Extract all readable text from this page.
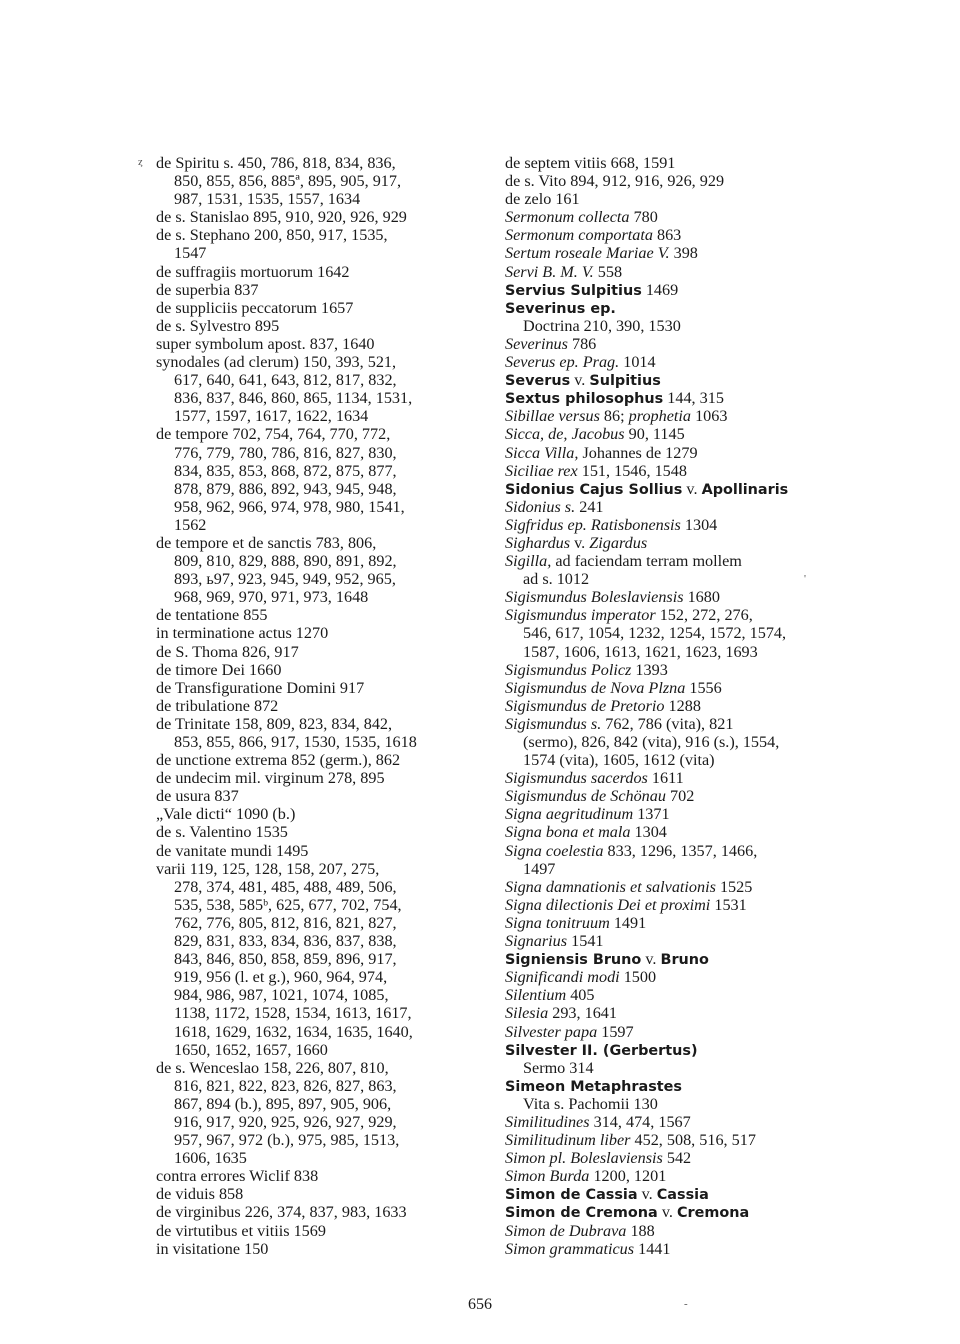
ȥ
'
-
de Spiritu s. 450, 786, 818, 834, 836,
850, 855, 856, 885ª, 895, 905, 917,
987, 1531, 1535, 1557, 1634
de s. Stanislao 895, 910, 920, 926, 929
de s. Stephano 200, 850, 917, 1535,
1547
de suffragiis mortuorum 1642
de superbia 837
de suppliciis peccatorum 1657
de s. Sylvestro 895
super symbolum apost. 837, 1640
synodales (ad clerum) 150, 393, 521,
617, 640, 641, 643, 812, 817, 832,
836, 837, 846, 860, 865, 1134, 1531,
1577, 1597, 1617, 1622, 1634
de tempore 702, 754, 764, 770, 772,
776, 779, 780, 786, 816, 827, 830,
834, 835, 853, 868, 872, 875, 877,
878, 879, 886, 892, 943, 945, 948,
958, 962, 966, 974, 978, 980, 1541,
1562
de tempore et de sanctis 783, 806,
809, 810, 829, 888, 890, 891, 892,
893, ь97, 923, 945, 949, 952, 965,
968, 969, 970, 971, 973, 1648
de tentatione 855
in terminatione actus 1270
de S. Thoma 826, 917
de timore Dei 1660
de Transfiguratione Domini 917
de tribulatione 872
de Trinitate 158, 809, 823, 834, 842,
853, 855, 866, 917, 1530, 1535, 1618
de unctione extrema 852 (germ.), 862
de undecim mil. virginum 278, 895
de usura 837
„Vale dicti“ 1090 (b.)
de s. Valentino 1535
de vanitate mundi 1495
varii 119, 125, 128, 158, 207, 275,
278, 374, 481, 485, 488, 489, 506,
535, 538, 585ᵇ, 625, 677, 702, 754,
762, 776, 805, 812, 816, 821, 827,
829, 831, 833, 834, 836, 837, 838,
843, 846, 850, 858, 859, 896, 917,
919, 956 (l. et g.), 960, 964, 974,
984, 986, 987, 1021, 1074, 1085,
1138, 1172, 1528, 1534, 1613, 1617,
1618, 1629, 1632, 1634, 1635, 1640,
1650, 1652, 1657, 1660
de s. Wenceslao 158, 226, 807, 810,
816, 821, 822, 823, 826, 827, 863,
867, 894 (b.), 895, 897, 905, 906,
916, 917, 920, 925, 926, 927, 929,
957, 967, 972 (b.), 975, 985, 1513,
1606, 1635
contra errores Wiclif 838
de viduis 858
de virginibus 226, 374, 837, 983, 1633
de virtutibus et vitiis 1569
in visitatione 150
de septem vitiis 668, 1591
de s. Vito 894, 912, 916, 926, 929
de zelo 161
Sermonum collecta 780
Sermonum comportata 863
Sertum roseale Mariae V. 398
Servi B. M. V. 558
Servius Sulpitius 1469
Severinus ep.
Doctrina 210, 390, 1530
Severinus 786
Severus ep. Prag. 1014
Severus v. Sulpitius
Sextus philosophus 144, 315
Sibillae versus 86; prophetia 1063
Sicca, de, Jacobus 90, 1145
Sicca Villa, Johannes de 1279
Siciliae rex 151, 1546, 1548
Sidonius Cajus Sollius v. Apollinaris
Sidonius s. 241
Sigfridus ep. Ratisbonensis 1304
Sighardus v. Zigardus
Sigilla, ad faciendam terram mollem
ad s. 1012
Sigismundus Boleslaviensis 1680
Sigismundus imperator 152, 272, 276,
546, 617, 1054, 1232, 1254, 1572, 1574,
1587, 1606, 1613, 1621, 1623, 1693
Sigismundus Policz 1393
Sigismundus de Nova Plzna 1556
Sigismundus de Pretorio 1288
Sigismundus s. 762, 786 (vita), 821
(sermo), 826, 842 (vita), 916 (s.), 1554,
1574 (vita), 1605, 1612 (vita)
Sigismundus sacerdos 1611
Sigismundus de Schönau 702
Signa aegritudinum 1371
Signa bona et mala 1304
Signa coelestia 833, 1296, 1357, 1466,
1497
Signa damnationis et salvationis 1525
Signa dilectionis Dei et proximi 1531
Signa tonitruum 1491
Signarius 1541
Signiensis Bruno v. Bruno
Significandi modi 1500
Silentium 405
Silesia 293, 1641
Silvester papa 1597
Silvester II. (Gerbertus)
Sermo 314
Simeon Metaphrastes
Vita s. Pachomii 130
Similitudines 314, 474, 1567
Similitudinum liber 452, 508, 516, 517
Simon pl. Boleslaviensis 542
Simon Burda 1200, 1201
Simon de Cassia v. Cassia
Simon de Cremona v. Cremona
Simon de Dubrava 188
Simon grammaticus 1441
656
